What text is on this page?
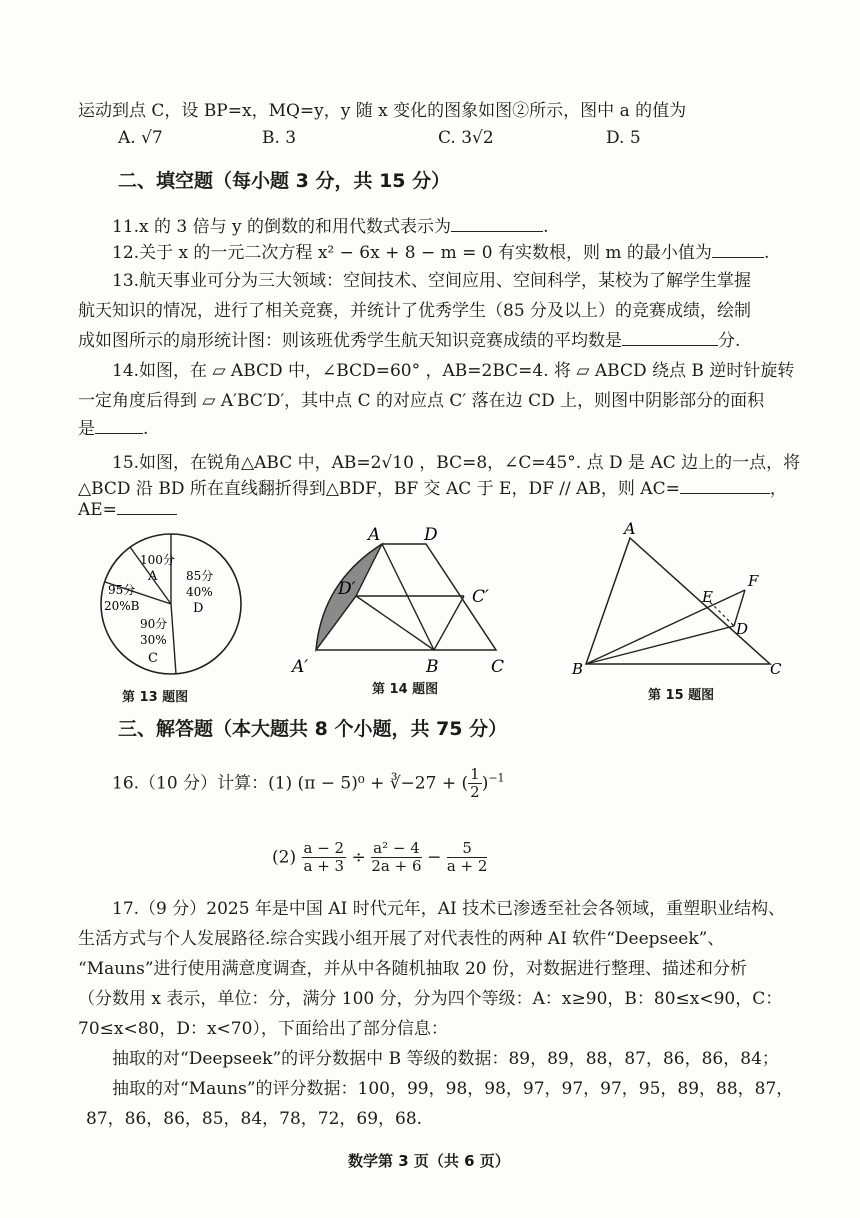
运动到点 C，设 BP=x，MQ=y，y 随 x 变化的图象如图②所示，图中 a 的值为
A. √7	B. 3	C. 3√2	D. 5
二、填空题（每小题 3 分，共 15 分）
11.x 的 3 倍与 y 的倒数的和用代数式表示为	.
12.关于 x 的一元二次方程 x² − 6x + 8 − m = 0 有实数根，则 m 的最小值为	.
13.航天事业可分为三大领域：空间技术、空间应用、空间科学，某校为了解学生掌握
航天知识的情况，进行了相关竞赛，并统计了优秀学生（85 分及以上）的竞赛成绩，绘制
成如图所示的扇形统计图：则该班优秀学生航天知识竞赛成绩的平均数是	分.
14.如图，在 ▱ ABCD 中，∠BCD=60° ，AB=2BC=4. 将 ▱ ABCD 绕点 B 逆时针旋转
一定角度后得到 ▱ A′BC′D′，其中点 C 的对应点 C′ 落在边 CD 上，则图中阴影部分的面积
是	.
15.如图，在锐角△ABC 中，AB=2√10 ，BC=8，∠C=45°. 点 D 是 AC 边上的一点，将
△BCD 沿 BD 所在直线翻折得到△BDF，BF 交 AC 于 E，DF // AB，则 AC=	，
AE=
100分
A
95分
20%B
90分
30%
C
85分
40%
D
第 13 题图
A	D
D′	C′
A′	B	C
第 14 题图
A
F
E
D
B	C
第 15 题图
三、解答题（本大题共 8 个小题，共 75 分）
16.（10 分）计算：(1) (π − 5)⁰ + ∛−27 + ( $\frac{1}{2} )^{-1}$
$(2) \frac{a - 2}{a + 3} \div \frac{\text{a² − 4}}{2a + 6} - \frac{5}{a + 2}$
17.（9 分）2025 年是中国 AI 时代元年，AI 技术已渗透至社会各领域，重塑职业结构、
生活方式与个人发展路径.综合实践小组开展了对代表性的两种 AI 软件“Deepseek”、
“Mauns”进行使用满意度调查，并从中各随机抽取 20 份，对数据进行整理、描述和分析
（分数用 x 表示，单位：分，满分 100 分，分为四个等级：A：x≥90，B：80≤x<90，C：
70≤x<80，D：x<70），下面给出了部分信息：
抽取的对“Deepseek”的评分数据中 B 等级的数据：89，89，88，87，86，86，84；
抽取的对“Mauns”的评分数据：100，99，98，98，97，97，97，95，89，88，87，
87，86，86，85，84，78，72，69，68.
数学第 3 页（共 6 页）
